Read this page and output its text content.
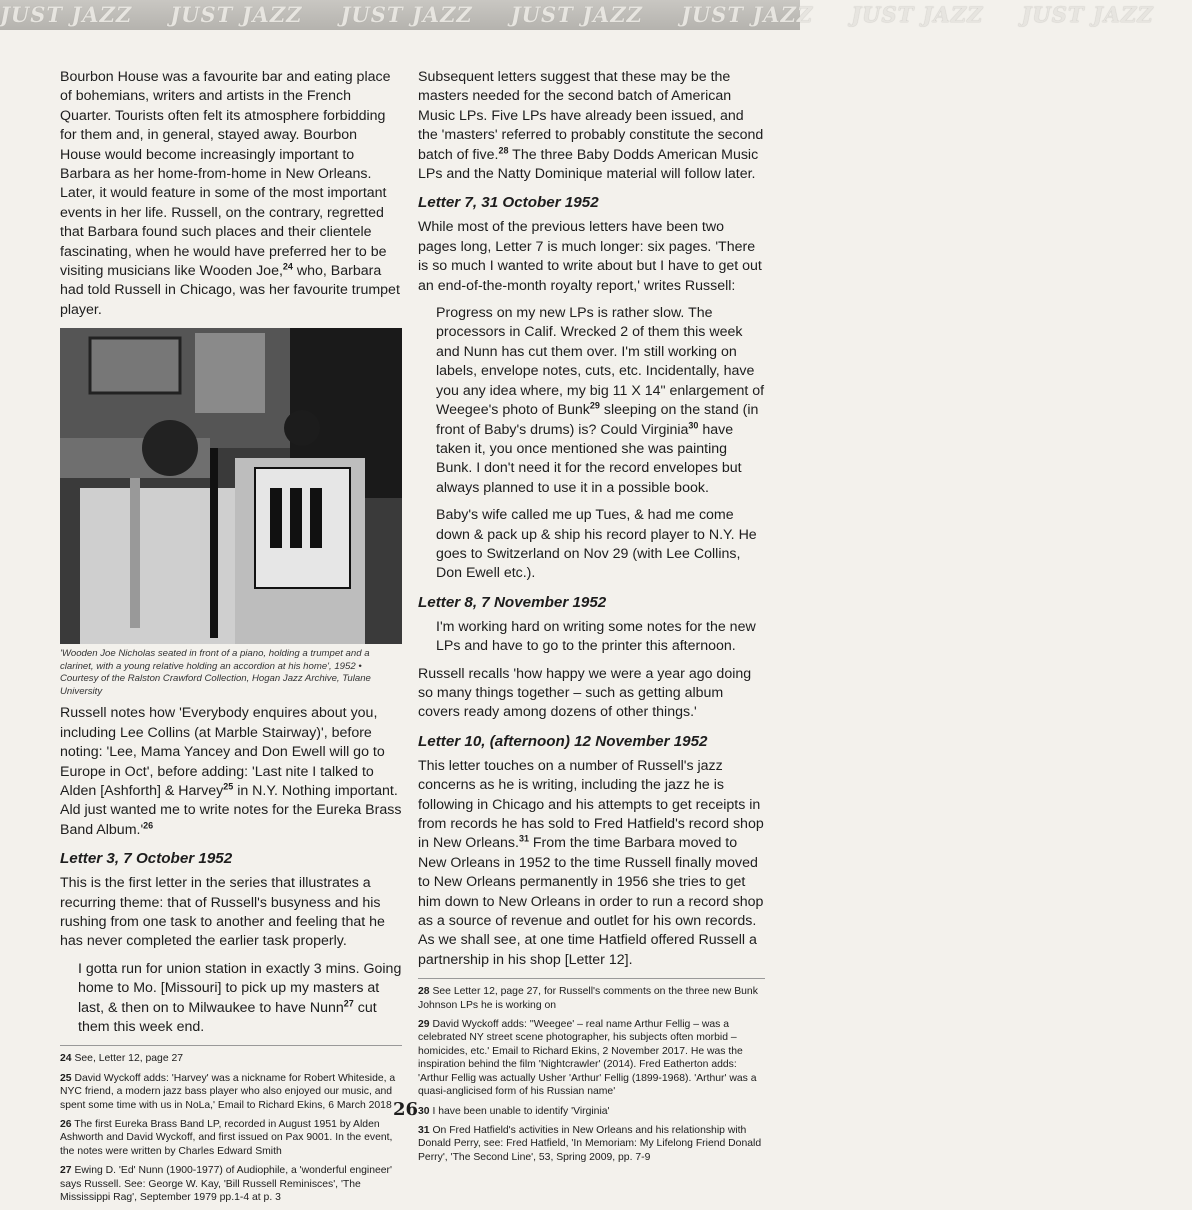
JUST JAZZ JUST JAZZ JUST JAZZ JUST JAZZ JUST JAZZ JUST JAZZ JUST JAZZ

Bourbon House was a favourite bar and eating place of bohemians, writers and artists in the French Quarter. Tourists often felt its atmosphere forbidding for them and, in general, stayed away. Bourbon House would become increasingly important to Barbara as her home-from-home in New Orleans. Later, it would feature in some of the most important events in her life. Russell, on the contrary, regretted that Barbara found such places and their clientele fascinating, when he would have preferred her to be visiting musicians like Wooden Joe,$^{24}$ who, Barbara had told Russell in Chicago, was her favourite trumpet player.

'Wooden Joe Nicholas seated in front of a piano, holding a trumpet and a clarinet, with a young relative holding an accordion at his home', 1952 • Courtesy of the Ralston Crawford Collection, Hogan Jazz Archive, Tulane University

Russell notes how 'Everybody enquires about you, including Lee Collins (at Marble Stairway)', before noting: 'Lee, Mama Yancey and Don Ewell will go to Europe in Oct', before adding: 'Last nite I talked to Alden [Ashforth] & Harvey$^{25}$ in N.Y. Nothing important. Ald just wanted me to write notes for the Eureka Brass Band $Album.'^{26}$

Letter 3, 7 October 1952

This is the first letter in the series that illustrates a recurring theme: that of Russell's busyness and his rushing from one task to another and feeling that he has never completed the earlier task properly.

I gotta run for union station in exactly 3 mins. Going home to Mo. [Missouri] to pick up my masters at last, & then on to Milwaukee to have Nunn$^{27}$ cut them this week end.

24 See, Letter 12, page 27

25 David Wyckoff adds: 'Harvey' was a nickname for Robert Whiteside, a NYC friend, a modern jazz bass player who also enjoyed our music, and spent some time with us in NoLa,' Email to Richard Ekins, 6 March 2018

26 The first Eureka Brass Band LP, recorded in August 1951 by Alden Ashworth and David Wyckoff, and first issued on Pax 9001. In the event, the notes were written by Charles Edward Smith

27 Ewing D. 'Ed' Nunn (1900-1977) of Audiophile, a 'wonderful engineer' says Russell. See: George W. Kay, 'Bill Russell Reminisces', 'The Mississippi Rag', September 1979 pp.1-4 at p. 3

Subsequent letters suggest that these may be the masters needed for the second batch of American Music LPs. Five LPs have already been issued, and the 'masters' referred to probably constitute the second batch of five.$^{28}$ The three Baby Dodds American Music LPs and the Natty Dominique material will follow later.

Letter 7, 31 October 1952

While most of the previous letters have been two pages long, Letter 7 is much longer: six pages. 'There is so much I wanted to write about but I have to get out an end-of-the-month royalty report,' writes Russell:

Progress on my new LPs is rather slow. The processors in Calif. Wrecked 2 of them this week and Nunn has cut them over. I'm still working on labels, envelope notes, cuts, etc. Incidentally, have you any idea where, my big 11 X 14" enlargement of Weegee's photo of Bunk$^{29}$ sleeping on the stand (in front of Baby's drums) is? Could Virginia$^{30}$ have taken it, you once mentioned she was painting Bunk. I don't need it for the record envelopes but always planned to use it in a possible book.

Baby's wife called me up Tues, & had me come down & pack up & ship his record player to N.Y. He goes to Switzerland on Nov 29 (with Lee Collins, Don Ewell etc.).

Letter 8, 7 November 1952

I'm working hard on writing some notes for the new LPs and have to go to the printer this afternoon.

Russell recalls 'how happy we were a year ago doing so many things together – such as getting album covers ready among dozens of other things.'

Letter 10, (afternoon) 12 November 1952

This letter touches on a number of Russell's jazz concerns as he is writing, including the jazz he is following in Chicago and his attempts to get receipts in from records he has sold to Fred Hatfield's record shop in New Orleans.$^{31}$ From the time Barbara moved to New Orleans in 1952 to the time Russell finally moved to New Orleans permanently in 1956 she tries to get him down to New Orleans in order to run a record shop as a source of revenue and outlet for his own records. As we shall see, at one time Hatfield offered Russell a partnership in his shop [Letter 12].

28 See Letter 12, page 27, for Russell's comments on the three new Bunk Johnson LPs he is working on

29 David Wyckoff adds: ''Weegee' – real name Arthur Fellig – was a celebrated NY street scene photographer, his subjects often morbid – homicides, etc.' Email to Richard Ekins, 2 November 2017. He was the inspiration behind the film 'Nightcrawler' (2014). Fred Eatherton adds: 'Arthur Fellig was actually Usher 'Arthur' Fellig (1899-1968). 'Arthur' was a quasi-anglicised form of his Russian name'

30 I have been unable to identify 'Virginia'

31 On Fred Hatfield's activities in New Orleans and his relationship with Donald Perry, see: Fred Hatfield, 'In Memoriam: My Lifelong Friend Donald Perry', 'The Second Line', 53, Spring 2009, pp. 7-9

26
